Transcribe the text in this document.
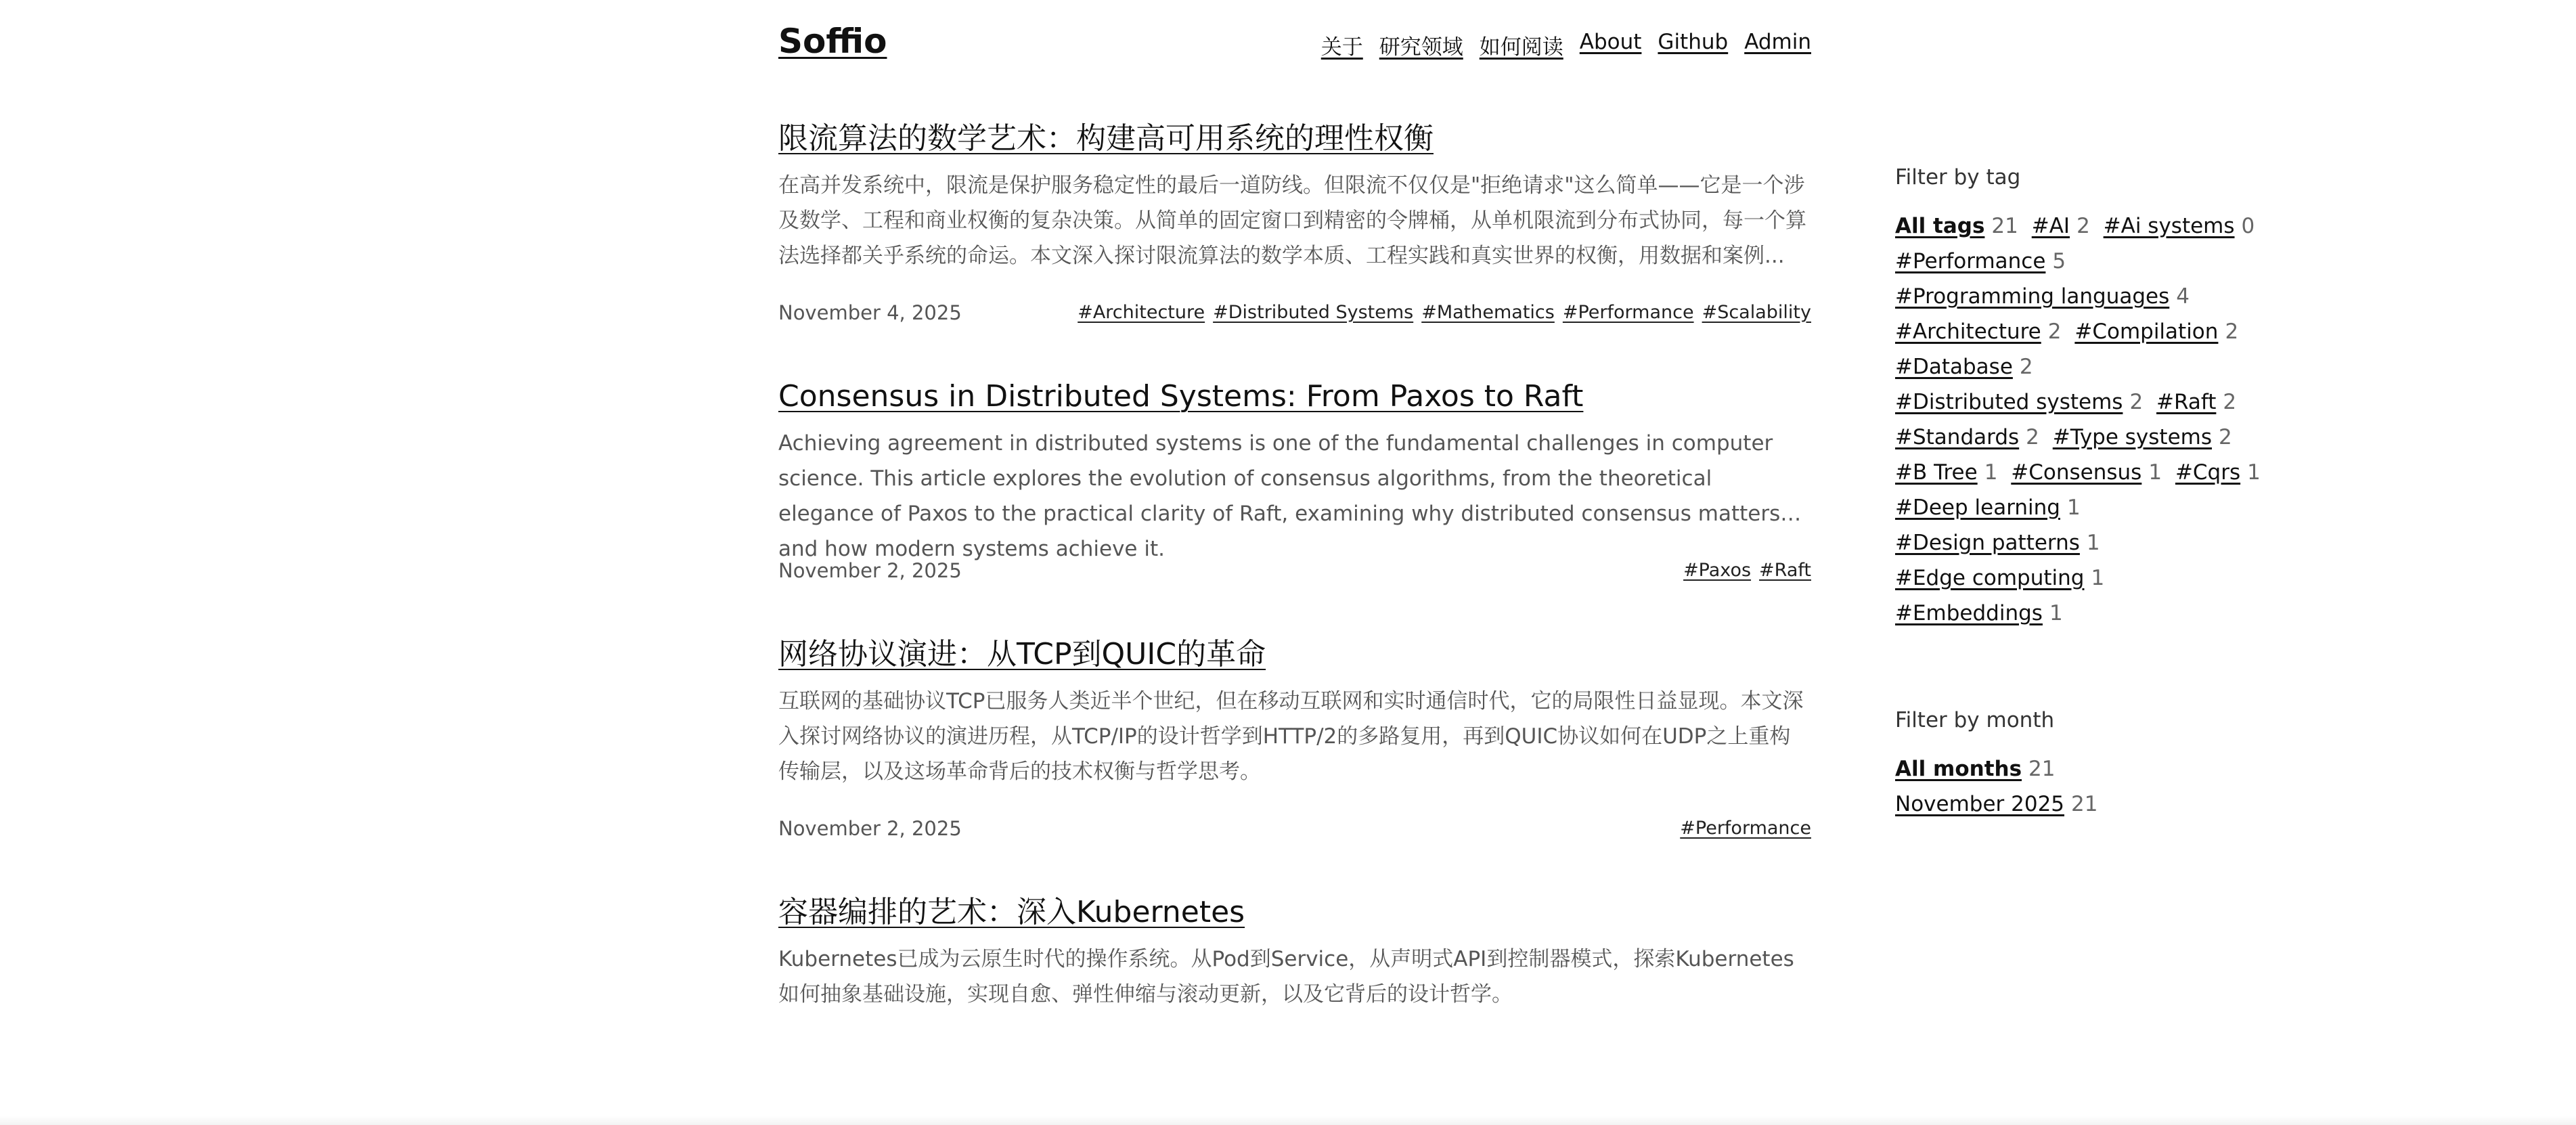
Soffio	关于 研究领域 如何阅读 About Github Admin
限流算法的数学艺术：构建高可用系统的理性权衡

在高并发系统中，限流是保护服务稳定性的最后一道防线。但限流不仅仅是"拒绝请求"这么简单——它是一个涉及数学、工程和商业权衡的复杂决策。从简单的固定窗口到精密的令牌桶，从单机限流到分布式协同，每一个算法选择都关乎系统的命运。本文深入探讨限流算法的数学本质、工程实践和真实世界的权衡，用数据和案例...

November 4, 2025	#Architecture #Distributed Systems #Mathematics #Performance #Scalability
Consensus in Distributed Systems: From Paxos to Raft

Achieving agreement in distributed systems is one of the fundamental challenges in computer science. This article explores the evolution of consensus algorithms, from the theoretical elegance of Paxos to the practical clarity of Raft, examining why distributed consensus matters and how modern systems achieve it.

November 2, 2025	#Paxos #Raft
网络协议演进：从TCP到QUIC的革命

互联网的基础协议TCP已服务人类近半个世纪，但在移动互联网和实时通信时代，它的局限性日益显现。本文深入探讨网络协议的演进历程，从TCP/IP的设计哲学到HTTP/2的多路复用，再到QUIC协议如何在UDP之上重构传输层，以及这场革命背后的技术权衡与哲学思考。

November 2, 2025	#Performance
容器编排的艺术：深入Kubernetes

Kubernetes已成为云原生时代的操作系统。从Pod到Service，从声明式API到控制器模式，探索Kubernetes如何抽象基础设施，实现自愈、弹性伸缩与滚动更新，以及它背后的设计哲学。

Filter by tag
All tags 21 #AI 2 #Ai systems 0
#Performance 5
#Programming languages 4
#Architecture 2 #Compilation 2
#Database 2
#Distributed systems 2 #Raft 2
#Standards 2 #Type systems 2
#B Tree 1 #Consensus 1 #Cqrs 1
#Deep learning 1
#Design patterns 1
#Edge computing 1
#Embeddings 1
Filter by month
All months 21
November 2025 21
